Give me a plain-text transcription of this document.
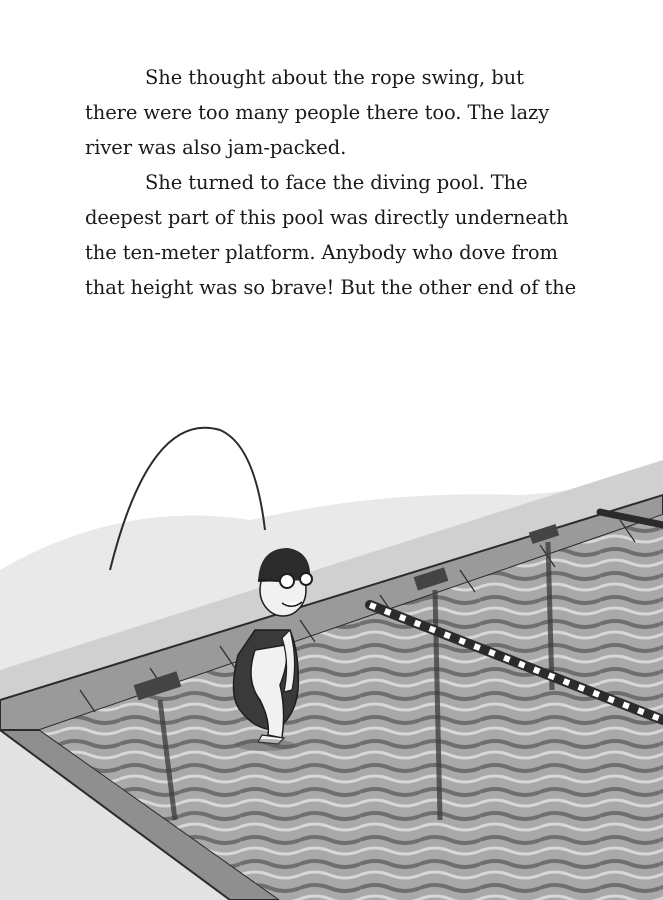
She thought about the rope swing, but
there were too many people there too. The lazy
river was also jam-packed.

She turned to face the diving pool. The
deepest part of this pool was directly underneath
the ten-meter platform. Anybody who dove from
that height was so brave! But the other end of the
